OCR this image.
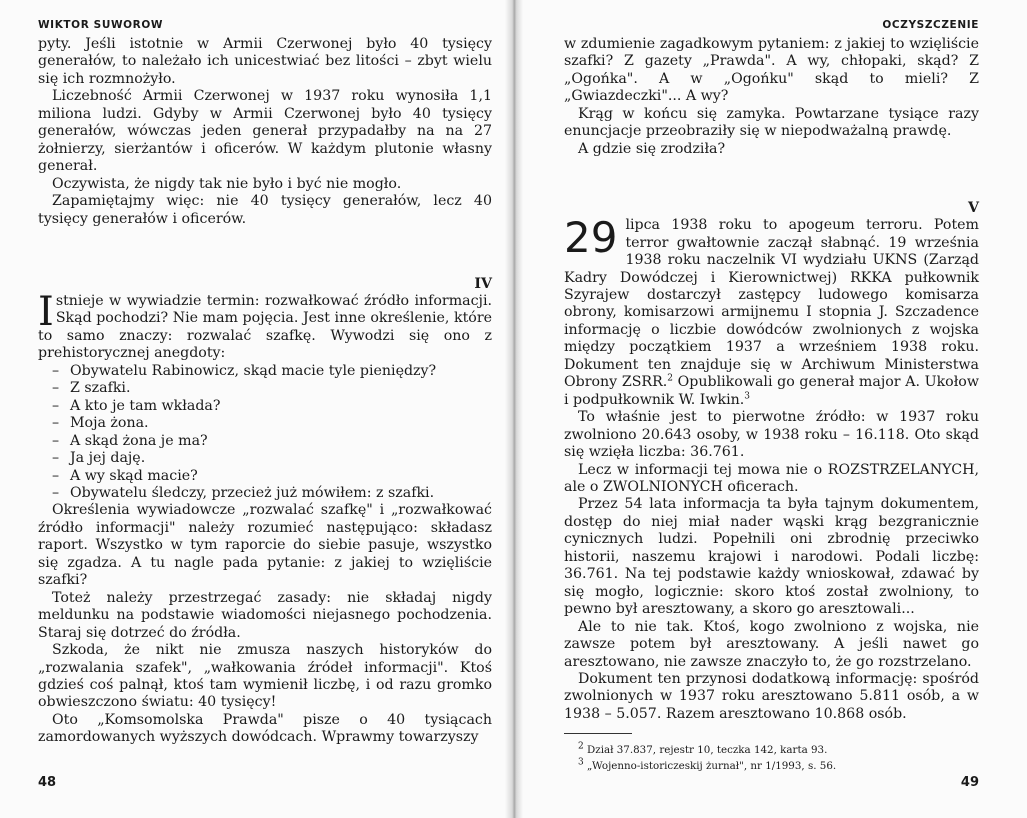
WIKTOR SUWOROW

pyty. Jeśli istotnie w Armii Czerwonej było 40 tysięcy generałów, to należało ich unicestwiać bez litości – zbyt wielu się ich rozmnożyło.

Liczebność Armii Czerwonej w 1937 roku wynosiła 1,1 miliona ludzi. Gdyby w Armii Czerwonej było 40 tysięcy generałów, wówczas jeden generał przypadałby na na 27 żołnierzy, sierżantów i oficerów. W każdym plutonie własny generał.

Oczywista, że nigdy tak nie było i być nie mogło.

Zapamiętajmy więc: nie 40 tysięcy generałów, lecz 40 tysięcy generałów i oficerów.

IV

Istnieje w wywiadzie termin: rozwałkować źródło informacji. Skąd pochodzi? Nie mam pojęcia. Jest inne określenie, które to samo znaczy: rozwalać szafkę. Wywodzi się ono z prehistorycznej anegdoty:

– Obywatelu Rabinowicz, skąd macie tyle pieniędzy?

– Z szafki.

– A kto je tam wkłada?

– Moja żona.

– A skąd żona je ma?

– Ja jej daję.

– A wy skąd macie?

– Obywatelu śledczy, przecież już mówiłem: z szafki.

Określenia wywiadowcze „rozwalać szafkę" i „rozwałkować źródło informacji" należy rozumieć następująco: składasz raport. Wszystko w tym raporcie do siebie pasuje, wszystko się zgadza. A tu nagle pada pytanie: z jakiej to wzięliście szafki?

Toteż należy przestrzegać zasady: nie składaj nigdy meldunku na podstawie wiadomości niejasnego pochodzenia. Staraj się dotrzeć do źródła.

Szkoda, że nikt nie zmusza naszych historyków do „rozwalania szafek", „wałkowania źródeł informacji". Ktoś gdzieś coś palnął, ktoś tam wymienił liczbę, i od razu gromko obwieszczono światu: 40 tysięcy!

Oto „Komsomolska Prawda" pisze o 40 tysiącach zamordowanych wyższych dowódcach. Wprawmy towarzyszy

48
OCZYSZCZENIE

w zdumienie zagadkowym pytaniem: z jakiej to wzięliście szafki? Z gazety „Prawda". A wy, chłopaki, skąd? Z „Ogońka". A w „Ogońku" skąd to mieli? Z „Gwiazdeczki"... A wy?

Krąg w końcu się zamyka. Powtarzane tysiące razy enuncjacje przeobraziły się w niepodważalną prawdę.

A gdzie się zrodziła?

V

29 lipca 1938 roku to apogeum terroru. Potem terror gwałtownie zaczął słabnąć. 19 września 1938 roku naczelnik VI wydziału UKNS (Zarząd Kadry Dowódczej i Kierownictwej) RKKA pułkownik Szyrajew dostarczył zastępcy ludowego komisarza obrony, komisarzowi armijnemu I stopnia J. Szczadence informację o liczbie dowódców zwolnionych z wojska między początkiem 1937 a wrześniem 1938 roku. Dokument ten znajduje się w Archiwum Ministerstwa Obrony ZSRR.$^2$ Opublikowali go generał major A. Ukołow i podpułkownik W. Iwkin.$^3$

To właśnie jest to pierwotne źródło: w 1937 roku zwolniono 20.643 osoby, w 1938 roku – 16.118. Oto skąd się wzięła liczba: 36.761.

Lecz w informacji tej mowa nie o ROZSTRZELANYCH, ale o ZWOLNIONYCH oficerach.

Przez 54 lata informacja ta była tajnym dokumentem, dostęp do niej miał nader wąski krąg bezgranicznie cynicznych ludzi. Popełnili oni zbrodnię przeciwko historii, naszemu krajowi i narodowi. Podali liczbę: 36.761. Na tej podstawie każdy wnioskował, zdawać by się mogło, logicznie: skoro ktoś został zwolniony, to pewno był aresztowany, a skoro go aresztowali...

Ale to nie tak. Ktoś, kogo zwolniono z wojska, nie zawsze potem był aresztowany. A jeśli nawet go aresztowano, nie zawsze znaczyło to, że go rozstrzelano.

Dokument ten przynosi dodatkową informację: spośród zwolnionych w 1937 roku aresztowano 5.811 osób, a w 1938 – 5.057. Razem aresztowano 10.868 osób.

$^2$ Dział 37.837, rejestr 10, teczka 142, karta 93.
$^3$ „Wojenno-istoriczeskij żurnał", nr 1/1993, s. 56.
49
